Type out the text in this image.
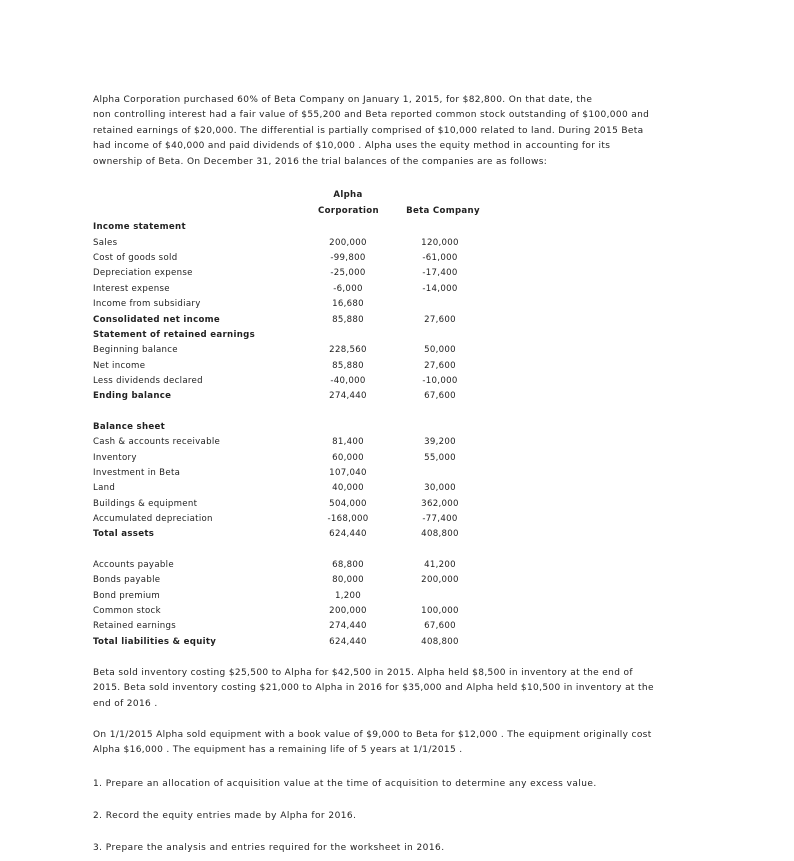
Alpha Corporation purchased 60% of Beta Company on January 1, 2015, for $82,800. On that date, the
non controlling interest had a fair value of $55,200 and Beta reported common stock outstanding of $100,000 and
retained earnings of $20,000. The differential is partially comprised of $10,000 related to land. During 2015 Beta
had income of $40,000 and paid dividends of $10,000 . Alpha uses the equity method in accounting for its
ownership of Beta. On December 31, 2016 the trial balances of the companies are as follows:
Alpha
Corporation	Beta Company
Income statement
Sales	200,000	120,000
Cost of goods sold	-99,800	-61,000
Depreciation expense	-25,000	-17,400
Interest expense	-6,000	-14,000
Income from subsidiary	16,680
Consolidated net income	85,880	27,600
Statement of retained earnings
Beginning balance	228,560	50,000
Net income	85,880	27,600
Less dividends declared	-40,000	-10,000
Ending balance	274,440	67,600
Balance sheet
Cash & accounts receivable	81,400	39,200
Inventory	60,000	55,000
Investment in Beta	107,040
Land	40,000	30,000
Buildings & equipment	504,000	362,000
Accumulated depreciation	-168,000	-77,400
Total assets	624,440	408,800
Accounts payable	68,800	41,200
Bonds payable	80,000	200,000
Bond premium	1,200
Common stock	200,000	100,000
Retained earnings	274,440	67,600
Total liabilities & equity	624,440	408,800
Beta sold inventory costing $25,500 to Alpha for $42,500 in 2015. Alpha held $8,500 in inventory at the end of
2015. Beta sold inventory costing $21,000 to Alpha in 2016 for $35,000 and Alpha held $10,500 in inventory at the
end of 2016 .
On 1/1/2015 Alpha sold equipment with a book value of $9,000 to Beta for $12,000 . The equipment originally cost
Alpha $16,000 . The equipment has a remaining life of 5 years at 1/1/2015 .
1. Prepare an allocation of acquisition value at the time of acquisition to determine any excess value.
2. Record the equity entries made by Alpha for 2016.
3. Prepare the analysis and entries required for the worksheet in 2016.
